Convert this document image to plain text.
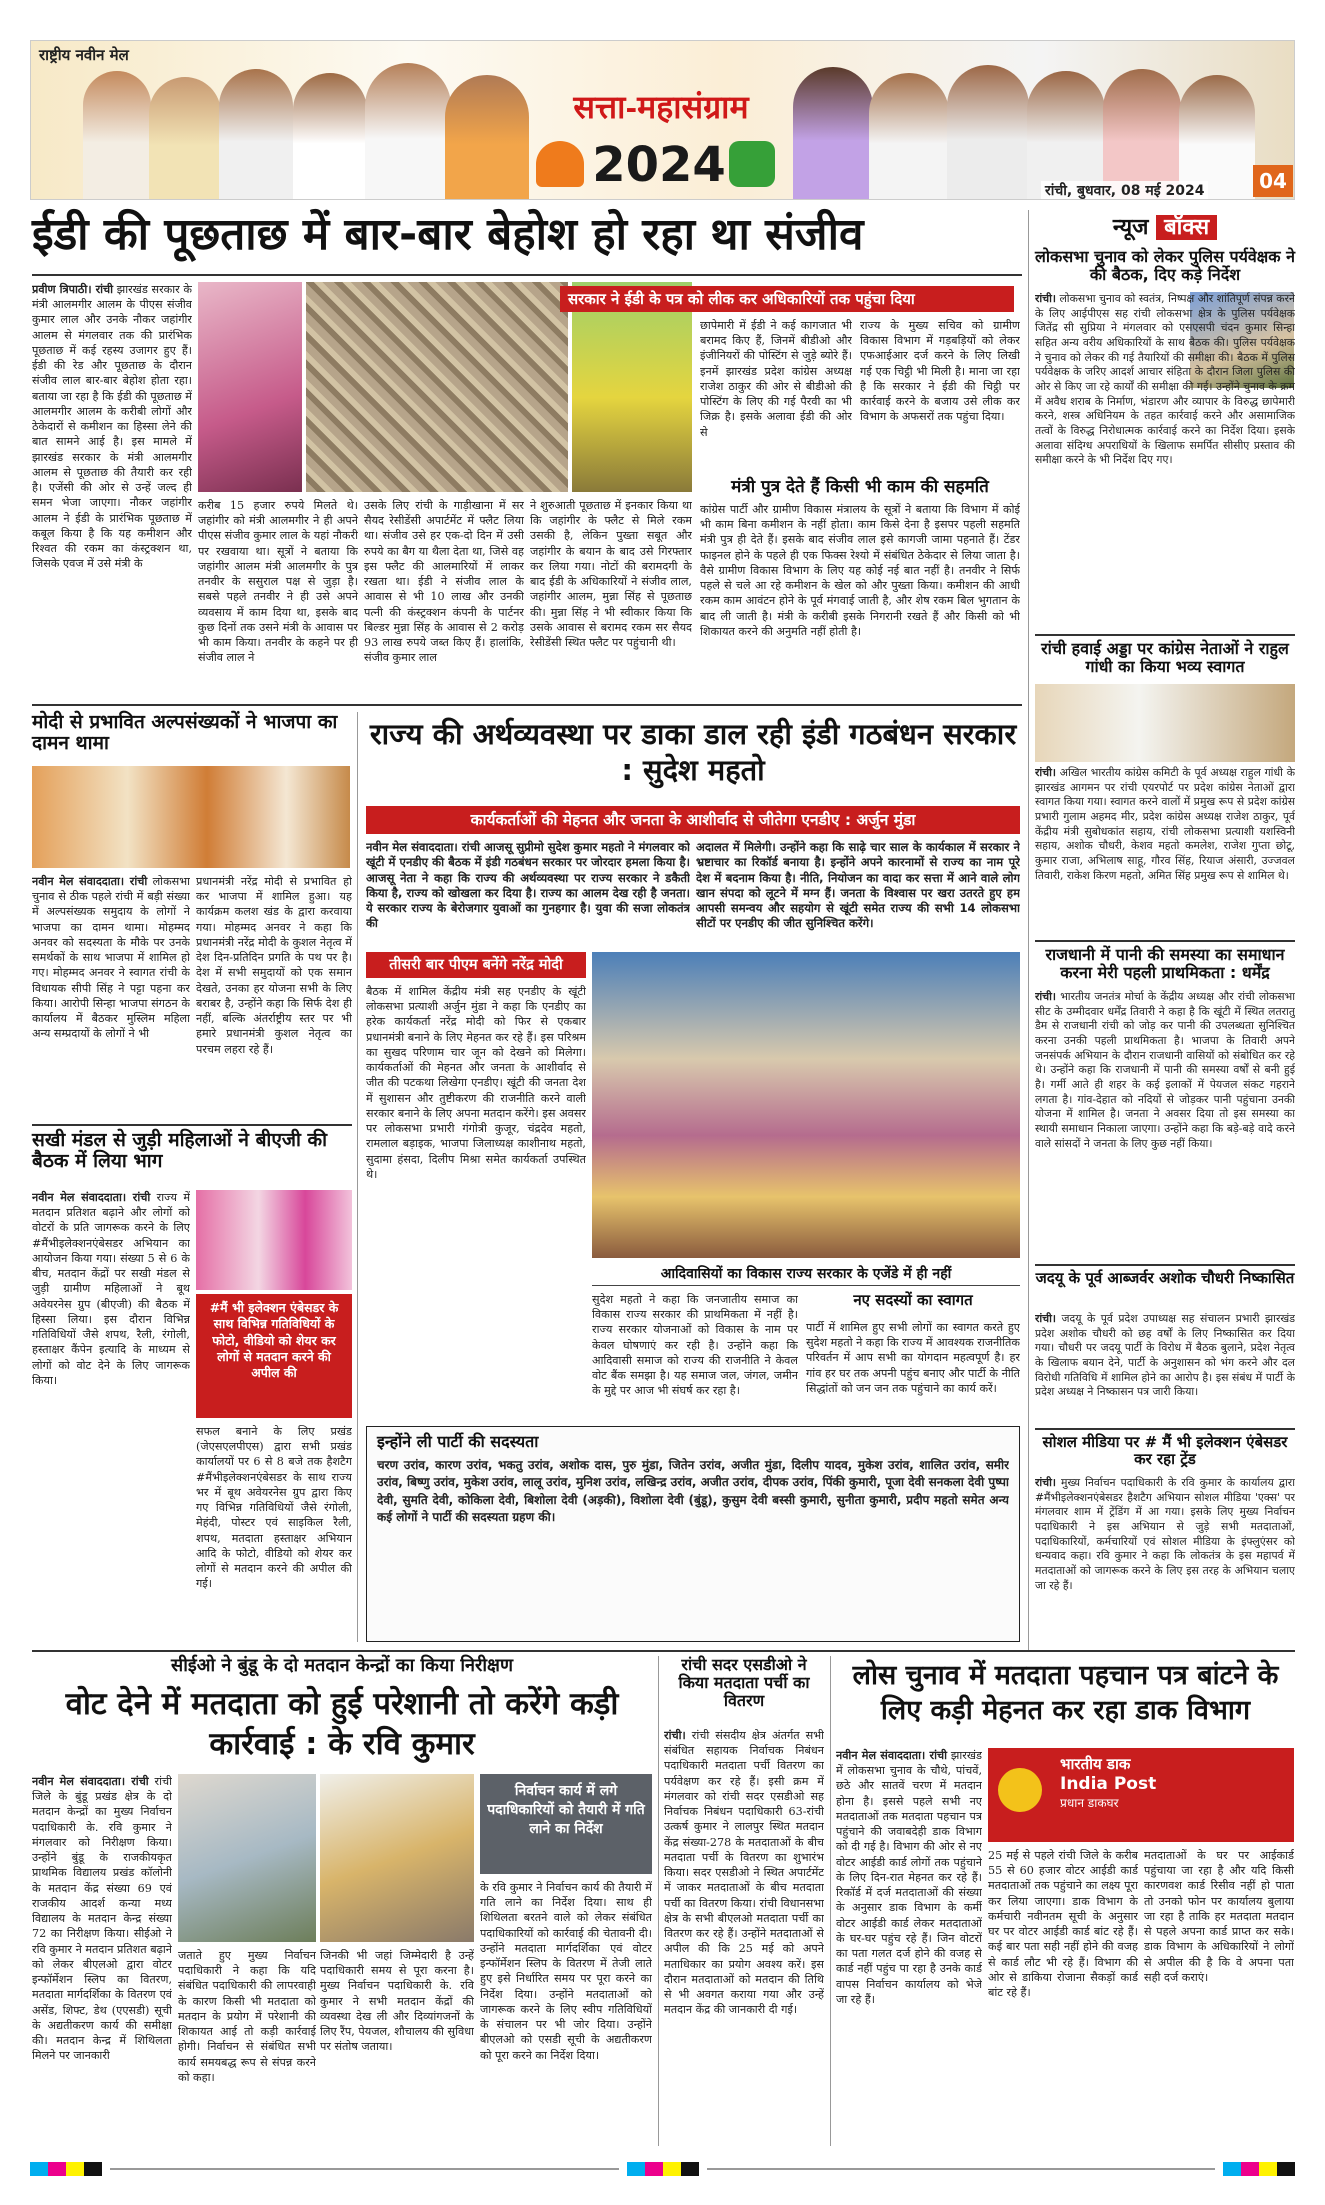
राष्ट्रीय नवीन मेल
सत्ता-महासंग्राम
2024	रांची, बुधवार, 08 मई 2024	04
ईडी की पूछताछ में बार-बार बेहोश हो रहा था संजीव
प्रवीण त्रिपाठी। रांची झारखंड सरकार के मंत्री आलमगीर आलम के पीएस संजीव कुमार लाल और उनके नौकर जहांगीर आलम से मंगलवार तक की प्रारंभिक पूछताछ में कई रहस्य उजागर हुए हैं। ईडी की रेड और पूछताछ के दौरान संजीव लाल बार-बार बेहोश होता रहा। बताया जा रहा है कि ईडी की पूछताछ में आलमगीर आलम के करीबी लोगों और ठेकेदारों से कमीशन का हिस्सा लेने की बात सामने आई है। इस मामले में झारखंड सरकार के मंत्री आलमगीर आलम से पूछताछ की तैयारी कर रही है। एजेंसी की ओर से उन्हें जल्द ही समन भेजा जाएगा। नौकर जहांगीर आलम ने ईडी के प्रारंभिक पूछताछ में कबूल किया है कि यह कमीशन और रिश्वत की रकम का कंस्ट्रक्शन था, जिसके एवज में उसे मंत्री के
सरकार ने ईडी के पत्र को लीक कर अधिकारियों तक पहुंचा दिया
करीब 15 हजार रुपये मिलते थे। जहांगीर को मंत्री आलमगीर ने ही अपने पीएस संजीव कुमार लाल के यहां नौकरी पर रखवाया था। सूत्रों ने बताया कि जहांगीर आलम मंत्री आलमगीर के पुत्र तनवीर के ससुराल पक्ष से जुड़ा है। सबसे पहले तनवीर ने ही उसे अपने व्यवसाय में काम दिया था, इसके बाद कुछ दिनों तक उसने मंत्री के आवास पर भी काम किया। तनवीर के कहने पर ही संजीव लाल ने
उसके लिए रांची के गाड़ीखाना में सर सैयद रेसीडेंसी अपार्टमेंट में फ्लैट लिया था। संजीव उसे हर एक-दो दिन में उसी रुपये का बैग या थैला देता था, जिसे वह इस फ्लैट की आलमारियों में लाकर रखता था। ईडी ने संजीव लाल के आवास से भी 10 लाख और उनकी पत्नी की कंस्ट्रक्शन कंपनी के पार्टनर बिल्डर मुन्ना सिंह के आवास से 2 करोड़ 93 लाख रुपये जब्त किए हैं। हालांकि, संजीव कुमार लाल
ने शुरुआती पूछताछ में इनकार किया था कि जहांगीर के फ्लैट से मिले रकम उसकी है, लेकिन पुख्ता सबूत और जहांगीर के बयान के बाद उसे गिरफ्तार कर लिया गया। नोटों की बरामदगी के बाद ईडी के अधिकारियों ने संजीव लाल, जहांगीर आलम, मुन्ना सिंह से पूछताछ की। मुन्ना सिंह ने भी स्वीकार किया कि उसके आवास से बरामद रकम सर सैयद रेसीडेंसी स्थित फ्लैट पर पहुंचानी थी।
छापेमारी में ईडी ने कई कागजात भी बरामद किए हैं, जिनमें बीडीओ और इंजीनियरों की पोस्टिंग से जुड़े ब्योरे हैं। इनमें झारखंड प्रदेश कांग्रेस अध्यक्ष राजेश ठाकुर की ओर से बीडीओ की पोस्टिंग के लिए की गई पैरवी का भी जिक्र है। इसके अलावा ईडी की ओर से
राज्य के मुख्य सचिव को ग्रामीण विकास विभाग में गड़बड़ियों को लेकर एफआईआर दर्ज करने के लिए लिखी गई एक चिट्ठी भी मिली है। माना जा रहा है कि सरकार ने ईडी की चिट्ठी पर कार्रवाई करने के बजाय उसे लीक कर विभाग के अफसरों तक पहुंचा दिया।
मंत्री पुत्र देते हैं किसी भी काम की सहमति
कांग्रेस पार्टी और ग्रामीण विकास मंत्रालय के सूत्रों ने बताया कि विभाग में कोई भी काम बिना कमीशन के नहीं होता। काम किसे देना है इसपर पहली सहमति मंत्री पुत्र ही देते हैं। इसके बाद संजीव लाल इसे कागजी जामा पहनाते हैं। टेंडर फाइनल होने के पहले ही एक फिक्स रेश्यो में संबंधित ठेकेदार से लिया जाता है। वैसे ग्रामीण विकास विभाग के लिए यह कोई नई बात नहीं है। तनवीर ने सिर्फ पहले से चले आ रहे कमीशन के खेल को और पुख्ता किया। कमीशन की आधी रकम काम आवंटन होने के पूर्व मंगवाई जाती है, और शेष रकम बिल भुगतान के बाद ली जाती है। मंत्री के करीबी इसके निगरानी रखते हैं और किसी को भी शिकायत करने की अनुमति नहीं होती है।
न्यूज बॉक्स
लोकसभा चुनाव को लेकर पुलिस पर्यवेक्षक ने की बैठक, दिए कड़े निर्देश
रांची। लोकसभा चुनाव को स्वतंत्र, निष्पक्ष और शांतिपूर्ण संपन्न करने के लिए आईपीएस सह रांची लोकसभा क्षेत्र के पुलिस पर्यवेक्षक जितेंद्र सी सुप्रिया ने मंगलवार को एसएसपी चंदन कुमार सिन्हा सहित अन्य वरीय अधिकारियों के साथ बैठक की। पुलिस पर्यवेक्षक ने चुनाव को लेकर की गई तैयारियों की समीक्षा की। बैठक में पुलिस पर्यवेक्षक के जरिए आदर्श आचार संहिता के दौरान जिला पुलिस की ओर से किए जा रहे कार्यों की समीक्षा की गई। उन्होंने चुनाव के क्रम में अवैध शराब के निर्माण, भंडारण और व्यापार के विरुद्ध छापेमारी करने, शस्त्र अधिनियम के तहत कार्रवाई करने और असामाजिक तत्वों के विरुद्ध निरोधात्मक कार्रवाई करने का निर्देश दिया। इसके अलावा संदिग्ध अपराधियों के खिलाफ समर्पित सीसीए प्रस्ताव की समीक्षा करने के भी निर्देश दिए गए।
रांची हवाई अड्डा पर कांग्रेस नेताओं ने राहुल गांधी का किया भव्य स्वागत
रांची। अखिल भारतीय कांग्रेस कमिटी के पूर्व अध्यक्ष राहुल गांधी के झारखंड आगमन पर रांची एयरपोर्ट पर प्रदेश कांग्रेस नेताओं द्वारा स्वागत किया गया। स्वागत करने वालों में प्रमुख रूप से प्रदेश कांग्रेस प्रभारी गुलाम अहमद मीर, प्रदेश कांग्रेस अध्यक्ष राजेश ठाकुर, पूर्व केंद्रीय मंत्री सुबोधकांत सहाय, रांची लोकसभा प्रत्याशी यशस्विनी सहाय, अशोक चौधरी, केशव महतो कमलेश, राजेश गुप्ता छोटू, कुमार राजा, अभिलाष साहू, गौरव सिंह, रियाज अंसारी, उज्जवल तिवारी, राकेश किरण महतो, अमित सिंह प्रमुख रूप से शामिल थे।
राजधानी में पानी की समस्या का समाधान करना मेरी पहली प्राथमिकता : धर्मेंद्र
रांची। भारतीय जनतंत्र मोर्चा के केंद्रीय अध्यक्ष और रांची लोकसभा सीट के उम्मीदवार धर्मेंद्र तिवारी ने कहा है कि खूंटी में स्थित लतरातु डैम से राजधानी रांची को जोड़ कर पानी की उपलब्धता सुनिश्चित करना उनकी पहली प्राथमिकता है। भाजपा के तिवारी अपने जनसंपर्क अभियान के दौरान राजधानी वासियों को संबोधित कर रहे थे। उन्होंने कहा कि राजधानी में पानी की समस्या वर्षों से बनी हुई है। गर्मी आते ही शहर के कई इलाकों में पेयजल संकट गहराने लगता है। गांव-देहात को नदियों से जोड़कर पानी पहुंचाना उनकी योजना में शामिल है। जनता ने अवसर दिया तो इस समस्या का स्थायी समाधान निकाला जाएगा। उन्होंने कहा कि बड़े-बड़े वादे करने वाले सांसदों ने जनता के लिए कुछ नहीं किया।
जदयू के पूर्व आब्जर्वर अशोक चौधरी निष्कासित
रांची। जदयू के पूर्व प्रदेश उपाध्यक्ष सह संचालन प्रभारी झारखंड प्रदेश अशोक चौधरी को छह वर्षों के लिए निष्कासित कर दिया गया। चौधरी पर जदयू पार्टी के विरोध में बैठक बुलाने, प्रदेश नेतृत्व के खिलाफ बयान देने, पार्टी के अनुशासन को भंग करने और दल विरोधी गतिविधि में शामिल होने का आरोप है। इस संबंध में पार्टी के प्रदेश अध्यक्ष ने निष्कासन पत्र जारी किया।
सोशल मीडिया पर # मैं भी इलेक्शन एंबेसडर कर रहा ट्रेंड
रांची। मुख्य निर्वाचन पदाधिकारी के रवि कुमार के कार्यालय द्वारा #मैंभीइलेक्शनएंबेसडर हैशटैग अभियान सोशल मीडिया 'एक्स' पर मंगलवार शाम में ट्रेंडिंग में आ गया। इसके लिए मुख्य निर्वाचन पदाधिकारी ने इस अभियान से जुड़े सभी मतदाताओं, पदाधिकारियों, कर्मचारियों एवं सोशल मीडिया के इंफ्लुएंसर को धन्यवाद कहा। रवि कुमार ने कहा कि लोकतंत्र के इस महापर्व में मतदाताओं को जागरूक करने के लिए इस तरह के अभियान चलाए जा रहे हैं।
मोदी से प्रभावित अल्पसंख्यकों ने भाजपा का दामन थामा
नवीन मेल संवाददाता। रांची लोकसभा चुनाव से ठीक पहले रांची में बड़ी संख्या में अल्पसंख्यक समुदाय के लोगों ने भाजपा का दामन थामा। मोहम्मद अनवर को सदस्यता के मौके पर उनके समर्थकों के साथ भाजपा में शामिल हो गए। मोहम्मद अनवर ने स्वागत रांची के विधायक सीपी सिंह ने पट्टा पहना कर किया। आरोपी सिन्हा भाजपा संगठन के कार्यालय में बैठकर मुस्लिम महिला अन्य सम्प्रदायों के लोगों ने भी
प्रधानमंत्री नरेंद्र मोदी से प्रभावित हो कर भाजपा में शामिल हुआ। यह कार्यक्रम कलश खंड के द्वारा करवाया गया। मोहम्मद अनवर ने कहा कि प्रधानमंत्री नरेंद्र मोदी के कुशल नेतृत्व में देश दिन-प्रतिदिन प्रगति के पथ पर है। देश में सभी समुदायों को एक समान देखते, उनका हर योजना सभी के लिए बराबर है, उन्होंने कहा कि सिर्फ देश ही नहीं, बल्कि अंतर्राष्ट्रीय स्तर पर भी हमारे प्रधानमंत्री कुशल नेतृत्व का परचम लहरा रहे हैं।
सखी मंडल से जुड़ी महिलाओं ने बीएजी की बैठक में लिया भाग
नवीन मेल संवाददाता। रांची राज्य में मतदान प्रतिशत बढ़ाने और लोगों को वोटरों के प्रति जागरूक करने के लिए #मैंभीइलेक्शनएंबेसडर अभियान का आयोजन किया गया। संख्या 5 से 6 के बीच, मतदान केंद्रों पर सखी मंडल से जुड़ी ग्रामीण महिलाओं ने बूथ अवेयरनेस ग्रुप (बीएजी) की बैठक में हिस्सा लिया। इस दौरान विभिन्न गतिविधियों जैसे शपथ, रैली, रंगोली, हस्ताक्षर कैंपेन इत्यादि के माध्यम से लोगों को वोट देने के लिए जागरूक किया।
#मैं भी इलेक्शन एंबेसडर के साथ विभिन्न गतिविधियों के फोटो, वीडियो को शेयर कर लोगों से मतदान करने की अपील की
सफल बनाने के लिए प्रखंड (जेएसएलपीएस) द्वारा सभी प्रखंड कार्यालयों पर 6 से 8 बजे तक हैशटैग #मैंभीइलेक्शनएंबेसडर के साथ राज्य भर में बूथ अवेयरनेस ग्रुप द्वारा किए गए विभिन्न गतिविधियों जैसे रंगोली, मेहंदी, पोस्टर एवं साइकिल रैली, शपथ, मतदाता हस्ताक्षर अभियान आदि के फोटो, वीडियो को शेयर कर लोगों से मतदान करने की अपील की गई।
राज्य की अर्थव्यवस्था पर डाका डाल रही इंडी गठबंधन सरकार : सुदेश महतो
कार्यकर्ताओं की मेहनत और जनता के आशीर्वाद से जीतेगा एनडीए : अर्जुन मुंडा
नवीन मेल संवाददाता। रांची आजसू सुप्रीमो सुदेश कुमार महतो ने मंगलवार को खूंटी में एनडीए की बैठक में इंडी गठबंधन सरकार पर जोरदार हमला किया है। आजसू नेता ने कहा कि राज्य की अर्थव्यवस्था पर राज्य सरकार ने डकैती किया है, राज्य को खोखला कर दिया है। राज्य का आलम देख रही है जनता। ये सरकार राज्य के बेरोजगार युवाओं का गुनहगार है। युवा की सजा लोकतंत्र की
अदालत में मिलेगी। उन्होंने कहा कि साढ़े चार साल के कार्यकाल में सरकार ने भ्रष्टाचार का रिकॉर्ड बनाया है। इन्होंने अपने कारनामों से राज्य का नाम पूरे देश में बदनाम किया है। नीति, नियोजन का वादा कर सत्ता में आने वाले लोग खान संपदा को लूटने में मग्न हैं। जनता के विश्वास पर खरा उतरते हुए हम आपसी समन्वय और सहयोग से खूंटी समेत राज्य की सभी 14 लोकसभा सीटों पर एनडीए की जीत सुनिश्चित करेंगे।
तीसरी बार पीएम बनेंगे नरेंद्र मोदी
बैठक में शामिल केंद्रीय मंत्री सह एनडीए के खूंटी लोकसभा प्रत्याशी अर्जुन मुंडा ने कहा कि एनडीए का हरेक कार्यकर्ता नरेंद्र मोदी को फिर से एकबार प्रधानमंत्री बनाने के लिए मेहनत कर रहे हैं। इस परिश्रम का सुखद परिणाम चार जून को देखने को मिलेगा। कार्यकर्ताओं की मेहनत और जनता के आशीर्वाद से जीत की पटकथा लिखेगा एनडीए। खूंटी की जनता देश में सुशासन और तुष्टीकरण की राजनीति करने वाली सरकार बनाने के लिए अपना मतदान करेंगे। इस अवसर पर लोकसभा प्रभारी गंगोत्री कुजूर, चंद्रदेव महतो, रामलाल बड़ाइक, भाजपा जिलाध्यक्ष काशीनाथ महतो, सुदामा हंसदा, दिलीप मिश्रा समेत कार्यकर्ता उपस्थित थे।
आदिवासियों का विकास राज्य सरकार के एजेंडे में ही नहीं
सुदेश महतो ने कहा कि जनजातीय समाज का विकास राज्य सरकार की प्राथमिकता में नहीं है। राज्य सरकार योजनाओं को विकास के नाम पर केवल घोषणाएं कर रही है। उन्होंने कहा कि आदिवासी समाज को राज्य की राजनीति ने केवल वोट बैंक समझा है। यह समाज जल, जंगल, जमीन के मुद्दे पर आज भी संघर्ष कर रहा है।
नए सदस्यों का स्वागत
पार्टी में शामिल हुए सभी लोगों का स्वागत करते हुए सुदेश महतो ने कहा कि राज्य में आवश्यक राजनीतिक परिवर्तन में आप सभी का योगदान महत्वपूर्ण है। हर गांव हर घर तक अपनी पहुंच बनाए और पार्टी के नीति सिद्धांतों को जन जन तक पहुंचाने का कार्य करें।
इन्होंने ली पार्टी की सदस्यता
चरण उरांव, कारण उरांव, भकतु उरांव, अशोक दास, पुरु मुंडा, जितेन उरांव, अजीत मुंडा, दिलीप यादव, मुकेश उरांव, शालित उरांव, समीर उरांव, बिष्णु उरांव, मुकेश उरांव, लालू उरांव, मुनिश उरांव, लखिन्द्र उरांव, अजीत उरांव, दीपक उरांव, पिंकी कुमारी, पूजा देवी सनकला देवी पुष्पा देवी, सुमति देवी, कोकिला देवी, बिशोला देवी (अड़की), विशोला देवी (बुंडू), कुसुम देवी बस्सी कुमारी, सुनीता कुमारी, प्रदीप महतो समेत अन्य कई लोगों ने पार्टी की सदस्यता ग्रहण की।
सीईओ ने बुंडू के दो मतदान केन्द्रों का किया निरीक्षण
वोट देने में मतदाता को हुई परेशानी तो करेंगे कड़ी कार्रवाई : के रवि कुमार
नवीन मेल संवाददाता। रांची रांची जिले के बुंडू प्रखंड क्षेत्र के दो मतदान केन्द्रों का मुख्य निर्वाचन पदाधिकारी के. रवि कुमार ने मंगलवार को निरीक्षण किया। उन्होंने बुंडू के राजकीयकृत प्राथमिक विद्यालय प्रखंड कॉलोनी के मतदान केंद्र संख्या 69 एवं राजकीय आदर्श कन्या मध्य विद्यालय के मतदान केन्द्र संख्या 72 का निरीक्षण किया। सीईओ ने रवि कुमार ने मतदान प्रतिशत बढ़ाने को लेकर बीएलओ द्वारा वोटर इन्फॉर्मेशन स्लिप का वितरण, मतदाता मार्गदर्शिका के वितरण एवं असेंड, शिफ्ट, डेथ (एएसडी) सूची के अद्यतीकरण कार्य की समीक्षा की। मतदान केन्द्र में शिथिलता मिलने पर जानकारी
जताते हुए मुख्य निर्वाचन पदाधिकारी ने कहा कि यदि संबंधित पदाधिकारी की लापरवाही के कारण किसी भी मतदाता को मतदान के प्रयोग में परेशानी की शिकायत आई तो कड़ी कार्रवाई होगी। निर्वाचन से संबंधित सभी कार्य समयबद्ध रूप से संपन्न करने को कहा।
जिनकी भी जहां जिम्मेदारी है उन्हें पदाधिकारी समय से पूरा करना है। मुख्य निर्वाचन पदाधिकारी के. रवि कुमार ने सभी मतदान केंद्रों की व्यवस्था देख ली और दिव्यांगजनों के लिए रैंप, पेयजल, शौचालय की सुविधा पर संतोष जताया।
निर्वाचन कार्य में लगे पदाधिकारियों को तैयारी में गति लाने का निर्देश
के रवि कुमार ने निर्वाचन कार्य की तैयारी में गति लाने का निर्देश दिया। साथ ही शिथिलता बरतने वाले को लेकर संबंधित पदाधिकारियों को कार्रवाई की चेतावनी दी। उन्होंने मतदाता मार्गदर्शिका एवं वोटर इन्फॉर्मेशन स्लिप के वितरण में तेजी लाते हुए इसे निर्धारित समय पर पूरा करने का निर्देश दिया। उन्होंने मतदाताओं को जागरूक करने के लिए स्वीप गतिविधियों के संचालन पर भी जोर दिया। उन्होंने बीएलओ को एसडी सूची के अद्यतीकरण को पूरा करने का निर्देश दिया।
रांची सदर एसडीओ ने किया मतदाता पर्ची का वितरण
रांची। रांची संसदीय क्षेत्र अंतर्गत सभी संबंधित सहायक निर्वाचक निबंधन पदाधिकारी मतदाता पर्ची वितरण का पर्यवेक्षण कर रहे हैं। इसी क्रम में मंगलवार को रांची सदर एसडीओ सह निर्वाचक निबंधन पदाधिकारी 63-रांची उत्कर्ष कुमार ने लालपुर स्थित मतदान केंद्र संख्या-278 के मतदाताओं के बीच मतदाता पर्ची के वितरण का शुभारंभ किया। सदर एसडीओ ने स्थित अपार्टमेंट में जाकर मतदाताओं के बीच मतदाता पर्ची का वितरण किया। रांची विधानसभा क्षेत्र के सभी बीएलओ मतदाता पर्ची का वितरण कर रहे हैं। उन्होंने मतदाताओं से अपील की कि 25 मई को अपने मताधिकार का प्रयोग अवश्य करें। इस दौरान मतदाताओं को मतदान की तिथि से भी अवगत कराया गया और उन्हें मतदान केंद्र की जानकारी दी गई।
लोस चुनाव में मतदाता पहचान पत्र बांटने के लिए कड़ी मेहनत कर रहा डाक विभाग
नवीन मेल संवाददाता। रांची झारखंड में लोकसभा चुनाव के चौथे, पांचवें, छठे और सातवें चरण में मतदान होना है। इससे पहले सभी नए मतदाताओं तक मतदाता पहचान पत्र पहुंचाने की जवाबदेही डाक विभाग को दी गई है। विभाग की ओर से नए वोटर आईडी कार्ड लोगों तक पहुंचाने के लिए दिन-रात मेहनत कर रहे हैं। रिकॉर्ड में दर्ज मतदाताओं की संख्या के अनुसार डाक विभाग के कर्मी वोटर आईडी कार्ड लेकर मतदाताओं के घर-घर पहुंच रहे हैं। जिन वोटरों का पता गलत दर्ज होने की वजह से कार्ड नहीं पहुंच पा रहा है उनके कार्ड वापस निर्वाचन कार्यालय को भेजे जा रहे हैं।
भारतीय डाक
India Post
प्रधान डाकघर
25 मई से पहले रांची जिले के करीब 55 से 60 हजार वोटर आईडी कार्ड मतदाताओं तक पहुंचाने का लक्ष्य पूरा कर लिया जाएगा। डाक विभाग के कर्मचारी नवीनतम सूची के अनुसार घर पर वोटर आईडी कार्ड बांट रहे हैं। कई बार पता सही नहीं होने की वजह से कार्ड लौट भी रहे हैं। विभाग की ओर से डाकिया रोजाना सैकड़ों कार्ड बांट रहे हैं।
मतदाताओं के घर पर आईकार्ड पहुंचाया जा रहा है और यदि किसी कारणवश कार्ड रिसीव नहीं हो पाता तो उनको फोन पर कार्यालय बुलाया जा रहा है ताकि हर मतदाता मतदान से पहले अपना कार्ड प्राप्त कर सके। डाक विभाग के अधिकारियों ने लोगों से अपील की है कि वे अपना पता सही दर्ज कराएं।
